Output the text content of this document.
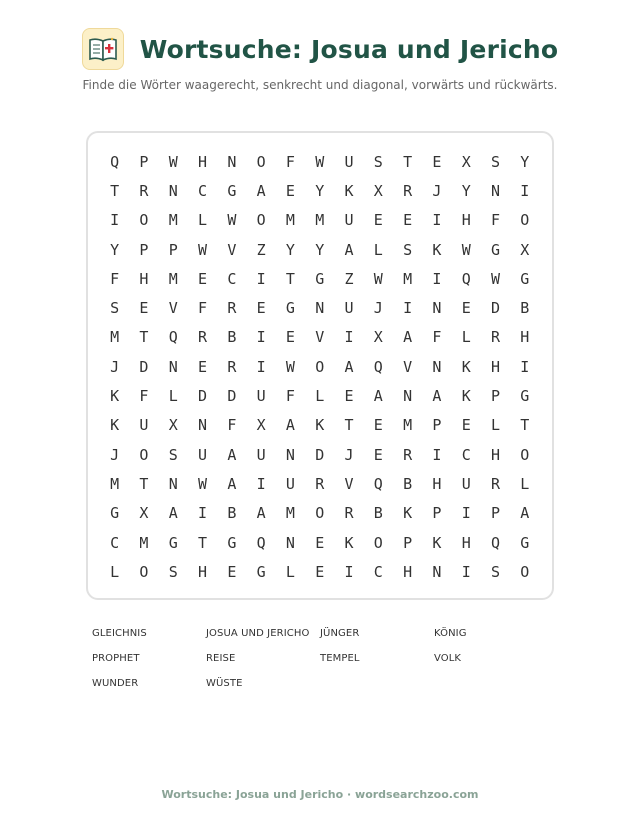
Wortsuche: Josua und Jericho
Finde die Wörter waagerecht, senkrecht und diagonal, vorwärts und rückwärts.
Q	P	W	H	N	O	F	W	U	S	T	E	X	S	Y
T	R	N	C	G	A	E	Y	K	X	R	J	Y	N	I
I	O	M	L	W	O	M	M	U	E	E	I	H	F	O
Y	P	P	W	V	Z	Y	Y	A	L	S	K	W	G	X
F	H	M	E	C	I	T	G	Z	W	M	I	Q	W	G
S	E	V	F	R	E	G	N	U	J	I	N	E	D	B
M	T	Q	R	B	I	E	V	I	X	A	F	L	R	H
J	D	N	E	R	I	W	O	A	Q	V	N	K	H	I
K	F	L	D	D	U	F	L	E	A	N	A	K	P	G
K	U	X	N	F	X	A	K	T	E	M	P	E	L	T
J	O	S	U	A	U	N	D	J	E	R	I	C	H	O
M	T	N	W	A	I	U	R	V	Q	B	H	U	R	L
G	X	A	I	B	A	M	O	R	B	K	P	I	P	A
C	M	G	T	G	Q	N	E	K	O	P	K	H	Q	G
L	O	S	H	E	G	L	E	I	C	H	N	I	S	O
GLEICHNIS	JOSUA UND JERICHO	JÜNGER	KÖNIG
PROPHET	REISE	TEMPEL	VOLK
WUNDER	WÜSTE
Wortsuche: Josua und Jericho · wordsearchzoo.com
